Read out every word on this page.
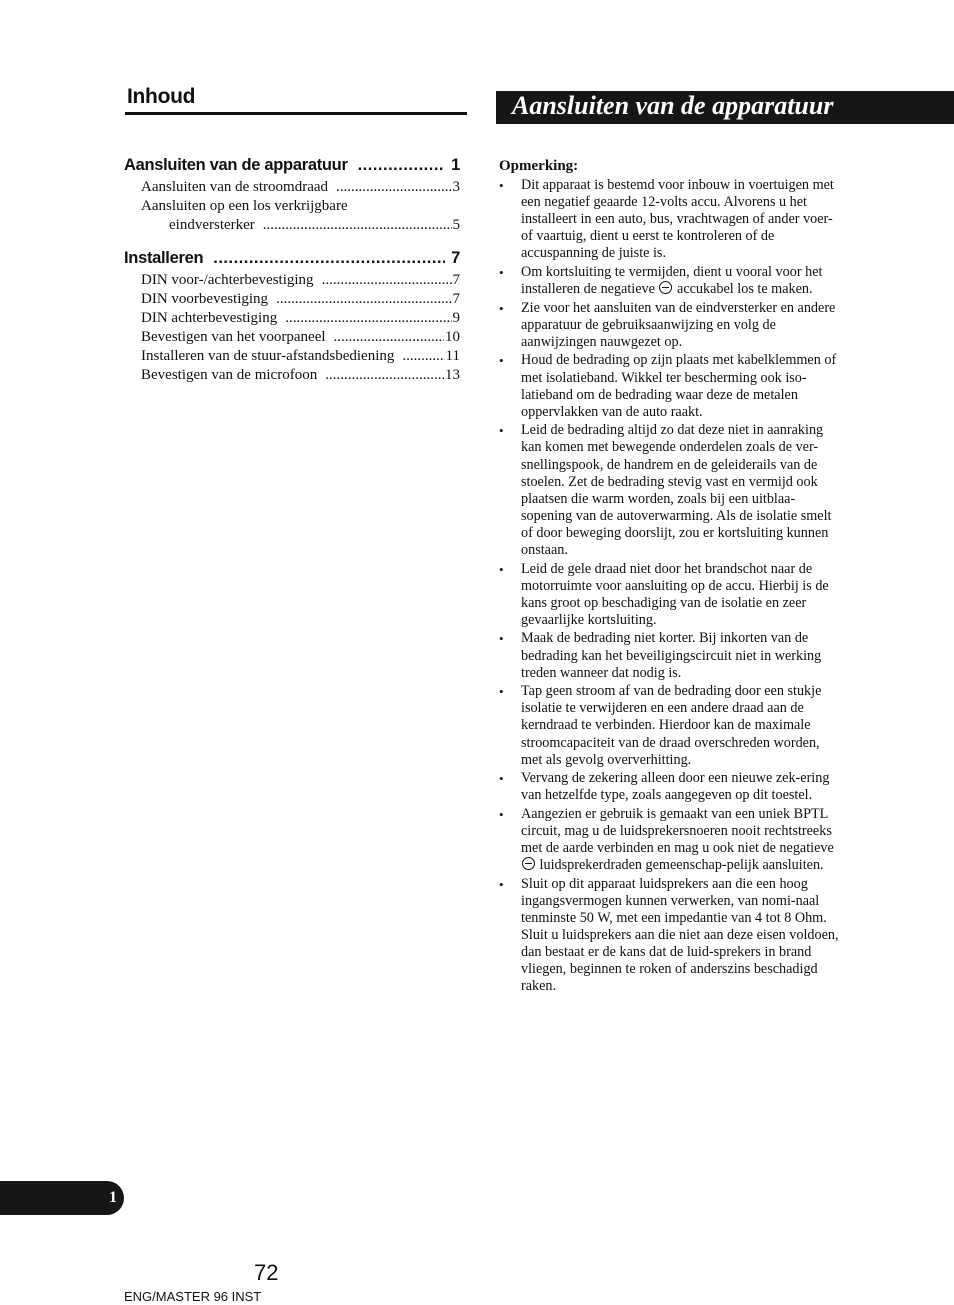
Inhoud
Aansluiten van de apparatuur .....	1
Aansluiten van de stroomdraad .....	3
Aansluiten op een los verkrijgbare
eindversterker .....	5
Installeren .....	7
DIN voor-/achterbevestiging .....	7
DIN voorbevestiging .....	7
DIN achterbevestiging .....	9
Bevestigen van het voorpaneel .....	10
Installeren van de stuur-afstandsbediening .....	11
Bevestigen van de microfoon .....	13
Aansluiten van de apparatuur
Opmerking:
• Dit apparaat is bestemd voor inbouw in voertuigen met een negatief geaarde 12-volts accu. Alvorens u het installeert in een auto, bus, vrachtwagen of ander voer- of vaartuig, dient u eerst te kontroleren of de accuspanning de juiste is.
• Om kortsluiting te vermijden, dient u vooral voor het installeren de negatieve accukabel los te maken.
• Zie voor het aansluiten van de eindversterker en andere apparatuur de gebruiksaanwijzing en volg de aanwijzingen nauwgezet op.
• Houd de bedrading op zijn plaats met kabelklemmen of met isolatieband. Wikkel ter bescherming ook iso-latieband om de bedrading waar deze de metalen oppervlakken van de auto raakt.
• Leid de bedrading altijd zo dat deze niet in aanraking kan komen met bewegende onderdelen zoals de ver-snellingspook, de handrem en de geleiderails van de stoelen. Zet de bedrading stevig vast en vermijd ook plaatsen die warm worden, zoals bij een uitblaa-sopening van de autoverwarming. Als de isolatie smelt of door beweging doorslijt, zou er kortsluiting kunnen onstaan.
• Leid de gele draad niet door het brandschot naar de motorruimte voor aansluiting op de accu. Hierbij is de kans groot op beschadiging van de isolatie en zeer gevaarlijke kortsluiting.
• Maak de bedrading niet korter. Bij inkorten van de bedrading kan het beveiligingscircuit niet in werking treden wanneer dat nodig is.
• Tap geen stroom af van de bedrading door een stukje isolatie te verwijderen en een andere draad aan de kerndraad te verbinden. Hierdoor kan de maximale stroomcapaciteit van de draad overschreden worden, met als gevolg oververhitting.
• Vervang de zekering alleen door een nieuwe zek-ering van hetzelfde type, zoals aangegeven op dit toestel.
• Aangezien er gebruik is gemaakt van een uniek BPTL circuit, mag u de luidsprekersnoeren nooit rechtstreeks met de aarde verbinden en mag u ook niet de negatieve  luidsprekerdraden gemeenschap-pelijk aansluiten.
• Sluit op dit apparaat luidsprekers aan die een hoog ingangsvermogen kunnen verwerken, van nomi-naal tenminste 50 W, met een impedantie van 4 tot 8 Ohm. Sluit u luidsprekers aan die niet aan deze eisen voldoen, dan bestaat er de kans dat de luid-sprekers in brand vliegen, beginnen te roken of anderszins beschadigd raken.
1
72
ENG/MASTER 96 INST
